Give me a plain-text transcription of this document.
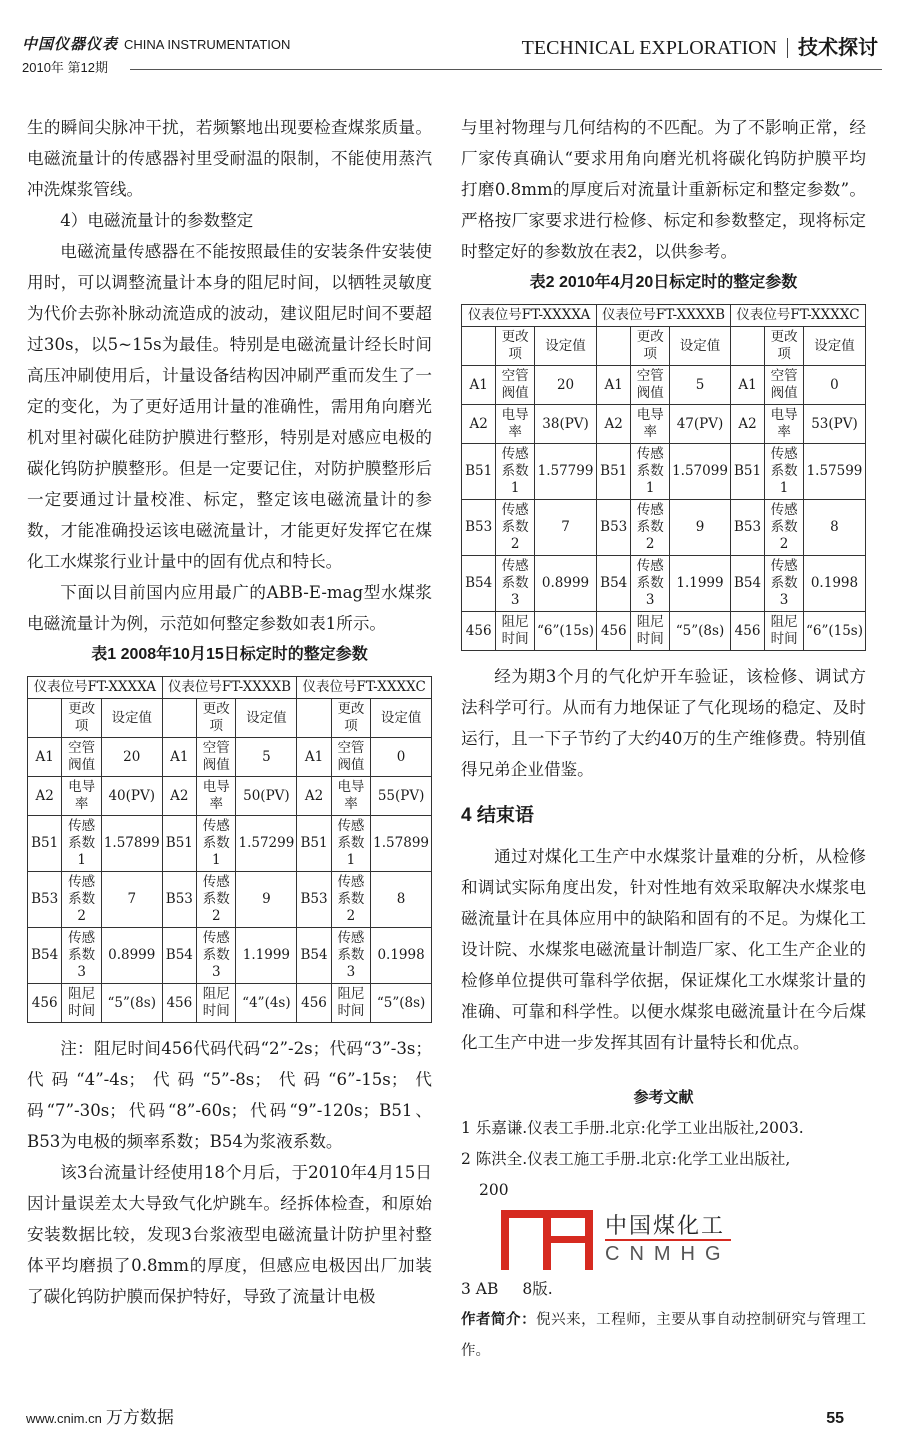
中国仪器仪表 CHINA INSTRUMENTATION
2010年 第12期
TECHNICAL EXPLORATION 技术探讨

生的瞬间尖脉冲干扰，若频繁地出现要检查煤浆质量。电磁流量计的传感器衬里受耐温的限制，不能使用蒸汽冲洗煤浆管线。

4）电磁流量计的参数整定

电磁流量传感器在不能按照最佳的安装条件安装使用时，可以调整流量计本身的阻尼时间，以牺牲灵敏度为代价去弥补脉动流造成的波动，建议阻尼时间不要超过30s，以5~15s为最佳。特别是电磁流量计经长时间高压冲刷使用后，计量设备结构因冲刷严重而发生了一定的变化，为了更好适用计量的准确性，需用角向磨光机对里衬碳化硅防护膜进行整形，特别是对感应电极的碳化钨防护膜整形。但是一定要记住，对防护膜整形后一定要通过计量校准、标定，整定该电磁流量计的参数，才能准确投运该电磁流量计，才能更好发挥它在煤化工水煤浆行业计量中的固有优点和特长。

下面以目前国内应用最广的ABB-E-mag型水煤浆电磁流量计为例，示范如何整定参数如表1所示。

表1 2008年10月15日标定时的整定参数

仪表位号FT-XXXXA			仪表位号FT-XXXXB			仪表位号FT-XXXXC		
	更改项	设定值		更改项	设定值		更改项	设定值
A1	空管阀值	20	A1	空管阀值	5	A1	空管阀值	0
A2	电导率	40(PV)	A2	电导率	50(PV)	A2	电导率	55(PV)
B51	传感系数1	1.57899	B51	传感系数1	1.57299	B51	传感系数1	1.57899
B53	传感系数2	7	B53	传感系数2	9	B53	传感系数2	8
B54	传感系数3	0.8999	B54	传感系数3	1.1999	B54	传感系数3	0.1998
456	阻尼时间	“5”(8s)	456	阻尼时间	“4”(4s)	456	阻尼时间	“5”(8s)

注：阻尼时间456代码代码“2”-2s；代码“3”-3s；代码“4”-4s；代码“5”-8s；代码“6”-15s；代码“7”-30s；代码“8”-60s；代码“9”-120s；B51、B53为电极的频率系数；B54为浆液系数。

该3台流量计经使用18个月后，于2010年4月15日因计量误差太大导致气化炉跳车。经拆体检查，和原始安装数据比较，发现3台浆液型电磁流量计防护里衬整体平均磨损了0.8mm的厚度，但感应电极因出厂加装了碳化钨防护膜而保护特好，导致了流量计电极

与里衬物理与几何结构的不匹配。为了不影响正常，经厂家传真确认“要求用角向磨光机将碳化钨防护膜平均打磨0.8mm的厚度后对流量计重新标定和整定参数”。严格按厂家要求进行检修、标定和参数整定，现将标定时整定好的参数放在表2，以供参考。

表2 2010年4月20日标定时的整定参数

仪表位号FT-XXXXA			仪表位号FT-XXXXB			仪表位号FT-XXXXC		
	更改项	设定值		更改项	设定值		更改项	设定值
A1	空管阀值	20	A1	空管阀值	5	A1	空管阀值	0
A2	电导率	38(PV)	A2	电导率	47(PV)	A2	电导率	53(PV)
B51	传感系数1	1.57799	B51	传感系数1	1.57099	B51	传感系数1	1.57599
B53	传感系数2	7	B53	传感系数2	9	B53	传感系数2	8
B54	传感系数3	0.8999	B54	传感系数3	1.1999	B54	传感系数3	0.1998
456	阻尼时间	“6”(15s)	456	阻尼时间	“5”(8s)	456	阻尼时间	“6”(15s)

经为期3个月的气化炉开车验证，该检修、调试方法科学可行。从而有力地保证了气化现场的稳定、及时运行，且一下子节约了大约40万的生产维修费。特别值得兄弟企业借鉴。

4 结束语

通过对煤化工生产中水煤浆计量难的分析，从检修和调试实际角度出发，针对性地有效采取解决水煤浆电磁流量计在具体应用中的缺陷和固有的不足。为煤化工设计院、水煤浆电磁流量计制造厂家、化工生产企业的检修单位提供可靠科学依据，保证煤化工水煤浆计量的准确、可靠和科学性。以便水煤浆电磁流量计在今后煤化工生产中进一步发挥其固有计量特长和优点。

参考文献

1 乐嘉谦.仪表工手册.北京:化学工业出版社,2003.

2 陈洪全.仪表工施工手册.北京:化学工业出版社,

200

中国煤化工
CNMHG

3 AB 8版.

作者简介：倪兴来，工程师，主要从事自动控制研究与管理工作。

www.cnim.cn 万方数据	55
